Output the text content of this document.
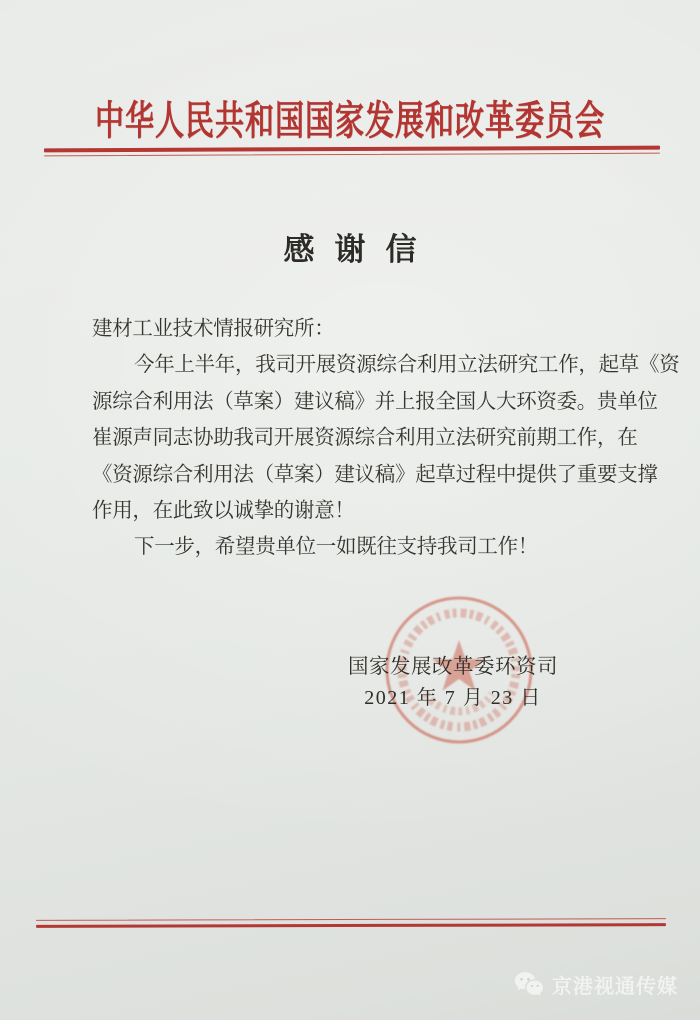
中华人民共和国国家发展和改革委员会
感谢信
建材工业技术情报研究所：
今年上半年，我司开展资源综合利用立法研究工作，起草《资
源综合利用法（草案）建议稿》并上报全国人大环资委。贵单位
崔源声同志协助我司开展资源综合利用立法研究前期工作，在
《资源综合利用法（草案）建议稿》起草过程中提供了重要支撑
作用，在此致以诚挚的谢意！
下一步，希望贵单位一如既往支持我司工作！
国家发展改革委环资司
2021 年 7 月 23 日
京港视通传媒
